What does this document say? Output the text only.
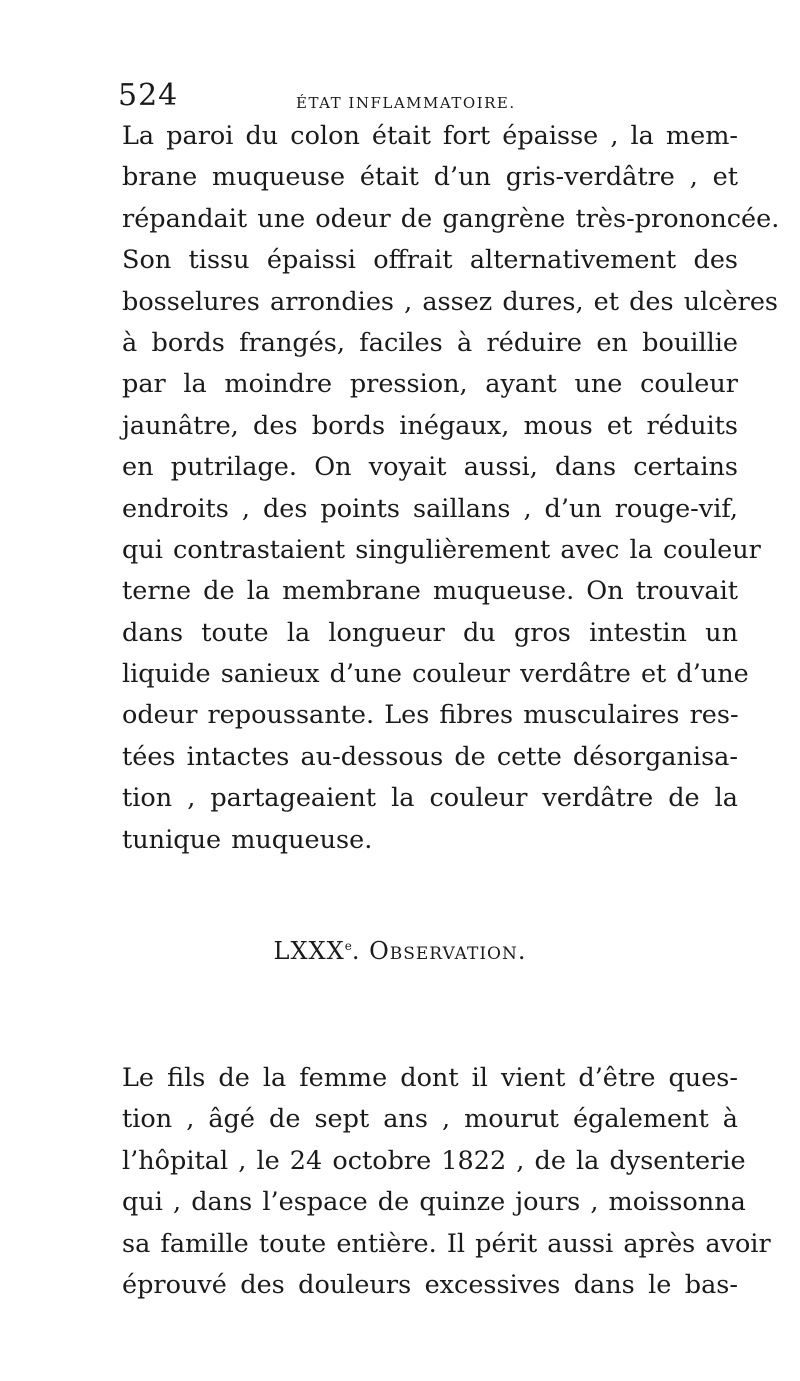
524	ÉTAT INFLAMMATOIRE.
La paroi du colon était fort épaisse , la mem-
brane muqueuse était d’un gris-verdâtre , et
répandait une odeur de gangrène très-prononcée.
Son tissu épaissi offrait alternativement des
bosselures arrondies , assez dures, et des ulcères
à bords frangés, faciles à réduire en bouillie
par la moindre pression, ayant une couleur
jaunâtre, des bords inégaux, mous et réduits
en putrilage. On voyait aussi, dans certains
endroits , des points saillans , d’un rouge-vif,
qui contrastaient singulièrement avec la couleur
terne de la membrane muqueuse. On trouvait
dans toute la longueur du gros intestin un
liquide sanieux d’une couleur verdâtre et d’une
odeur repoussante. Les fibres musculaires res-
tées intactes au-dessous de cette désorganisa-
tion , partageaient la couleur verdâtre de la
tunique muqueuse.
LXXXe. Observation.
Le fils de la femme dont il vient d’être ques-
tion , âgé de sept ans , mourut également à
l’hôpital , le 24 octobre 1822 , de la dysenterie
qui , dans l’espace de quinze jours , moissonna
sa famille toute entière. Il périt aussi après avoir
éprouvé des douleurs excessives dans le bas-
